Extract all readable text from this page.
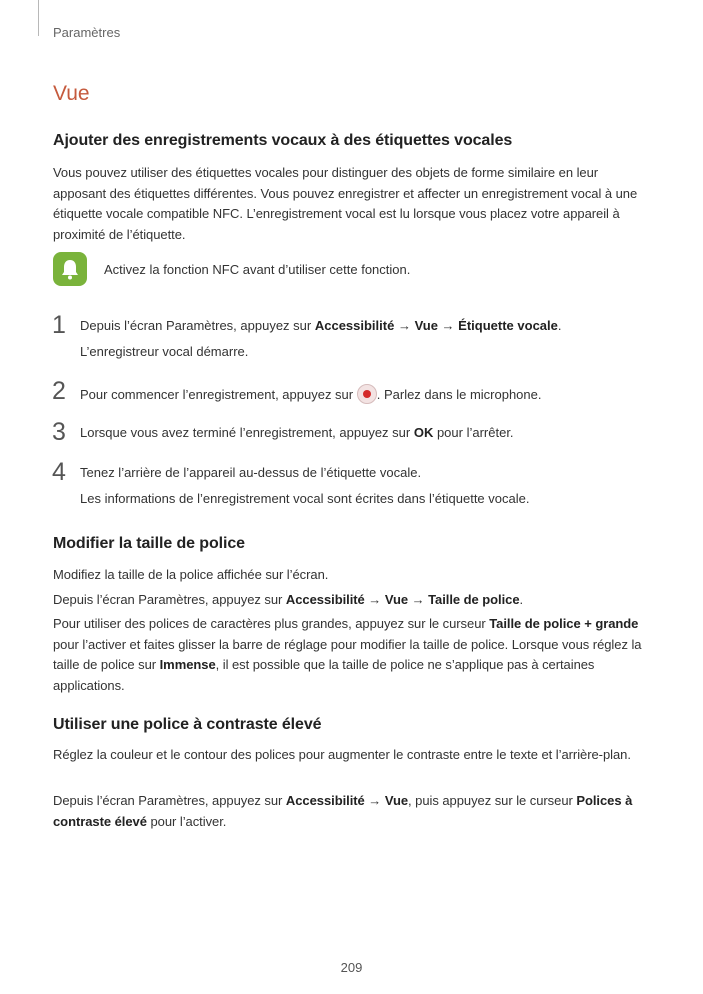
Paramètres
Vue
Ajouter des enregistrements vocaux à des étiquettes vocales

Vous pouvez utiliser des étiquettes vocales pour distinguer des objets de forme similaire en leur apposant des étiquettes différentes. Vous pouvez enregistrer et affecter un enregistrement vocal à une étiquette vocale compatible NFC. L’enregistrement vocal est lu lorsque vous placez votre appareil à proximité de l’étiquette.

Activez la fonction NFC avant d’utiliser cette fonction.
1 Depuis l’écran Paramètres, appuyez sur Accessibilité → Vue → Étiquette vocale.
L’enregistreur vocal démarre.
2 Pour commencer l’enregistrement, appuyez sur . Parlez dans le microphone.
3 Lorsque vous avez terminé l’enregistrement, appuyez sur OK pour l’arrêter.
4 Tenez l’arrière de l’appareil au-dessus de l’étiquette vocale.
Les informations de l’enregistrement vocal sont écrites dans l’étiquette vocale.
Modifier la taille de police

Modifiez la taille de la police affichée sur l’écran.

Depuis l’écran Paramètres, appuyez sur Accessibilité → Vue → Taille de police.

Pour utiliser des polices de caractères plus grandes, appuyez sur le curseur Taille de police + grande pour l’activer et faites glisser la barre de réglage pour modifier la taille de police. Lorsque vous réglez la taille de police sur Immense, il est possible que la taille de police ne s’applique pas à certaines applications.

Utiliser une police à contraste élevé

Réglez la couleur et le contour des polices pour augmenter le contraste entre le texte et l’arrière-plan.

Depuis l’écran Paramètres, appuyez sur Accessibilité → Vue, puis appuyez sur le curseur Polices à contraste élevé pour l’activer.

209
